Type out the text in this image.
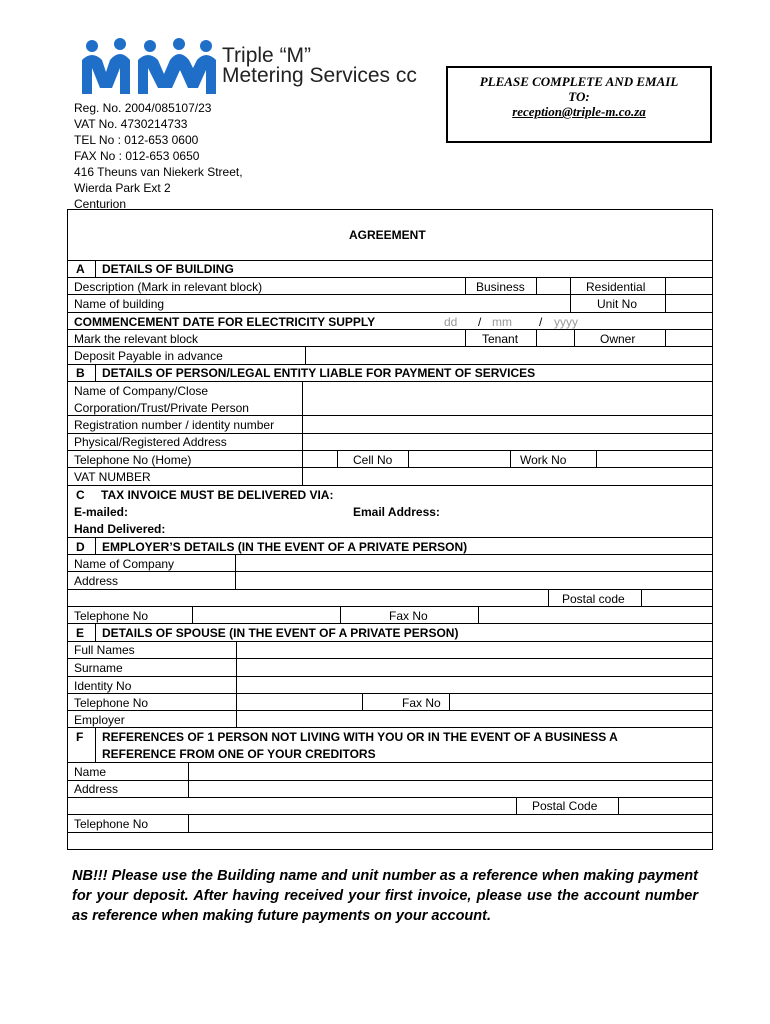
Triple “M”
Metering Services cc
Reg. No. 2004/085107/23
VAT No. 4730214733
TEL No : 012-653 0600
FAX No : 012-653 0650
416 Theuns van Niekerk Street,
Wierda Park Ext 2
Centurion
PLEASE COMPLETE AND EMAIL
TO:
reception@triple-m.co.za
AGREEMENT
A DETAILS OF BUILDING
Description (Mark in relevant block)	Business	Residential
Name of building	Unit No
COMMENCEMENT DATE FOR ELECTRICITY SUPPLY	dd / mm / yyyy
Mark the relevant block	Tenant	Owner
Deposit Payable in advance
B DETAILS OF PERSON/LEGAL ENTITY LIABLE FOR PAYMENT OF SERVICES
Name of Company/Close
Corporation/Trust/Private Person
Registration number / identity number
Physical/Registered Address
Telephone No (Home)	Cell No	Work No
VAT NUMBER
C TAX INVOICE MUST BE DELIVERED VIA:
E-mailed:	Email Address:
Hand Delivered:
D EMPLOYER’S DETAILS (IN THE EVENT OF A PRIVATE PERSON)
Name of Company
Address
Postal code
Telephone No	Fax No
E DETAILS OF SPOUSE (IN THE EVENT OF A PRIVATE PERSON)
Full Names
Surname
Identity No
Telephone No	Fax No
Employer
F REFERENCES OF 1 PERSON NOT LIVING WITH YOU OR IN THE EVENT OF A BUSINESS A
REFERENCE FROM ONE OF YOUR CREDITORS
Name
Address
Postal Code
Telephone No
NB!!! Please use the Building name and unit number as a reference when making payment for your deposit. After having received your first invoice, please use the account number as reference when making future payments on your account.
